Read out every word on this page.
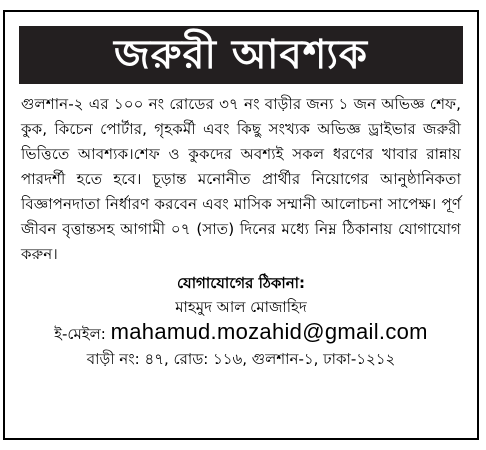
জরুরী আবশ্যক
গুলশান-২ এর ১০০ নং রোডের ৩৭ নং বাড়ীর জন্য ১ জন অভিজ্ঞ শেফ, কুক, কিচেন পোর্টার, গৃহকর্মী এবং কিছু সংখ্যক অভিজ্ঞ ড্রাইভার জরুরী ভিত্তিতে আবশ্যক।শেফ ও কুকদের অবশ্যই সকল ধরণের খাবার রান্নায় পারদর্শী হতে হবে। চূড়ান্ত মনোনীত প্রার্থীর নিয়োগের আনুষ্ঠানিকতা বিজ্ঞাপনদাতা নির্ধারণ করবেন এবং মাসিক সম্মানী আলোচনা সাপেক্ষ। পূর্ণ জীবন বৃত্তান্তসহ আগামী ০৭ (সাত) দিনের মধ্যে নিম্ন ঠিকানায় যোগাযোগ করুন।
যোগাযোগের ঠিকানা:
মাহমুদ আল মোজাহিদ
ই-মেইল: mahamud.mozahid@gmail.com
বাড়ী নং: ৪৭, রোড: ১১৬, গুলশান-১, ঢাকা-১২১২
